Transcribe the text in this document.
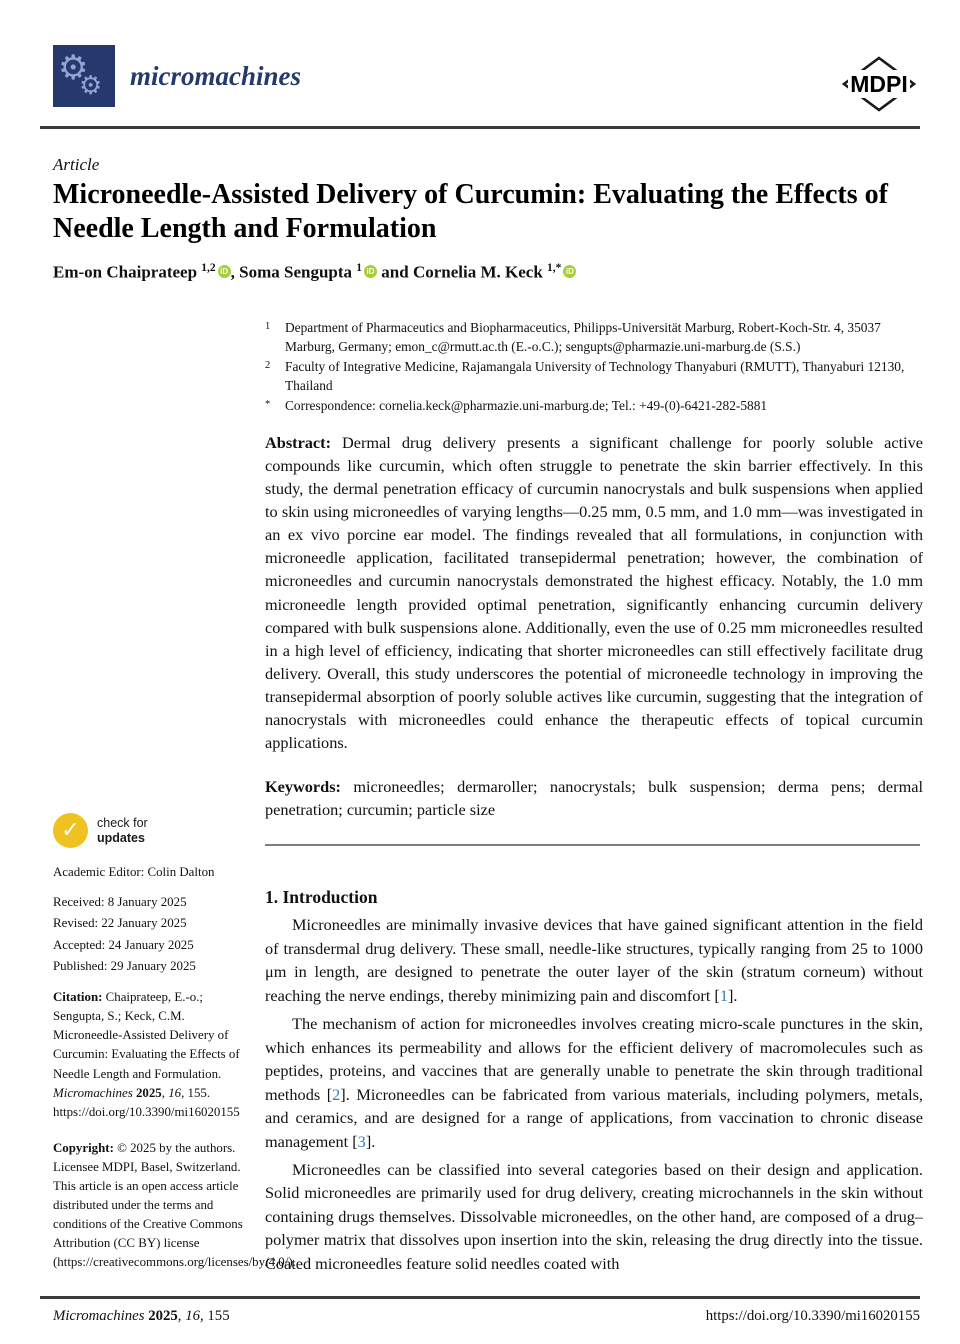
⚙
⚙ micromachines	MDPI
Article
Microneedle-Assisted Delivery of Curcumin: Evaluating the Effects of Needle Length and Formulation
Em-on Chaiprateep $^{1,2}$ iD , Soma Sengupta $^1$ iD and Cornelia M. Keck $^{1,*}$ iD
1	Department of Pharmaceutics and Biopharmaceutics, Philipps-Universität Marburg, Robert-Koch-Str. 4, 35037 Marburg, Germany; emon_c@rmutt.ac.th (E.-o.C.); sengupts@pharmazie.uni-marburg.de (S.S.)
2	Faculty of Integrative Medicine, Rajamangala University of Technology Thanyaburi (RMUTT), Thanyaburi 12130, Thailand
*	Correspondence: cornelia.keck@pharmazie.uni-marburg.de; Tel.: +49-(0)-6421-282-5881

Abstract: Dermal drug delivery presents a significant challenge for poorly soluble active compounds like curcumin, which often struggle to penetrate the skin barrier effectively. In this study, the dermal penetration efficacy of curcumin nanocrystals and bulk suspensions when applied to skin using microneedles of varying lengths—0.25 mm, 0.5 mm, and 1.0 mm—was investigated in an ex vivo porcine ear model. The findings revealed that all formulations, in conjunction with microneedle application, facilitated transepidermal penetration; however, the combination of microneedles and curcumin nanocrystals demonstrated the highest efficacy. Notably, the 1.0 mm microneedle length provided optimal penetration, significantly enhancing curcumin delivery compared with bulk suspensions alone. Additionally, even the use of 0.25 mm microneedles resulted in a high level of efficiency, indicating that shorter microneedles can still effectively facilitate drug delivery. Overall, this study underscores the potential of microneedle technology in improving the transepidermal absorption of poorly soluble actives like curcumin, suggesting that the integration of nanocrystals with microneedles could enhance the therapeutic effects of topical curcumin applications.

Keywords: microneedles; dermaroller; nanocrystals; bulk suspension; derma pens; dermal penetration; curcumin; particle size

1. Introduction

Microneedles are minimally invasive devices that have gained significant attention in the field of transdermal drug delivery. These small, needle-like structures, typically ranging from 25 to 1000 μm in length, are designed to penetrate the outer layer of the skin (stratum corneum) without reaching the nerve endings, thereby minimizing pain and discomfort [1].

The mechanism of action for microneedles involves creating micro-scale punctures in the skin, which enhances its permeability and allows for the efficient delivery of macromolecules such as peptides, proteins, and vaccines that are generally unable to penetrate the skin through traditional methods [2]. Microneedles can be fabricated from various materials, including polymers, metals, and ceramics, and are designed for a range of applications, from vaccination to chronic disease management [3].

Microneedles can be classified into several categories based on their design and application. Solid microneedles are primarily used for drug delivery, creating microchannels in the skin without containing drugs themselves. Dissolvable microneedles, on the other hand, are composed of a drug–polymer matrix that dissolves upon insertion into the skin, releasing the drug directly into the tissue. Coated microneedles feature solid needles coated with

✓ check for
updates
Academic Editor: Colin Dalton
Received: 8 January 2025
Revised: 22 January 2025
Accepted: 24 January 2025
Published: 29 January 2025
Citation: Chaiprateep, E.-o.; Sengupta, S.; Keck, C.M. Microneedle-Assisted Delivery of Curcumin: Evaluating the Effects of Needle Length and Formulation. Micromachines 2025, 16, 155. https://doi.org/10.3390/mi16020155
Copyright: © 2025 by the authors. Licensee MDPI, Basel, Switzerland. This article is an open access article distributed under the terms and conditions of the Creative Commons Attribution (CC BY) license (https://creativecommons.org/licenses/by/4.0/).
Micromachines 2025, 16, 155	https://doi.org/10.3390/mi16020155
